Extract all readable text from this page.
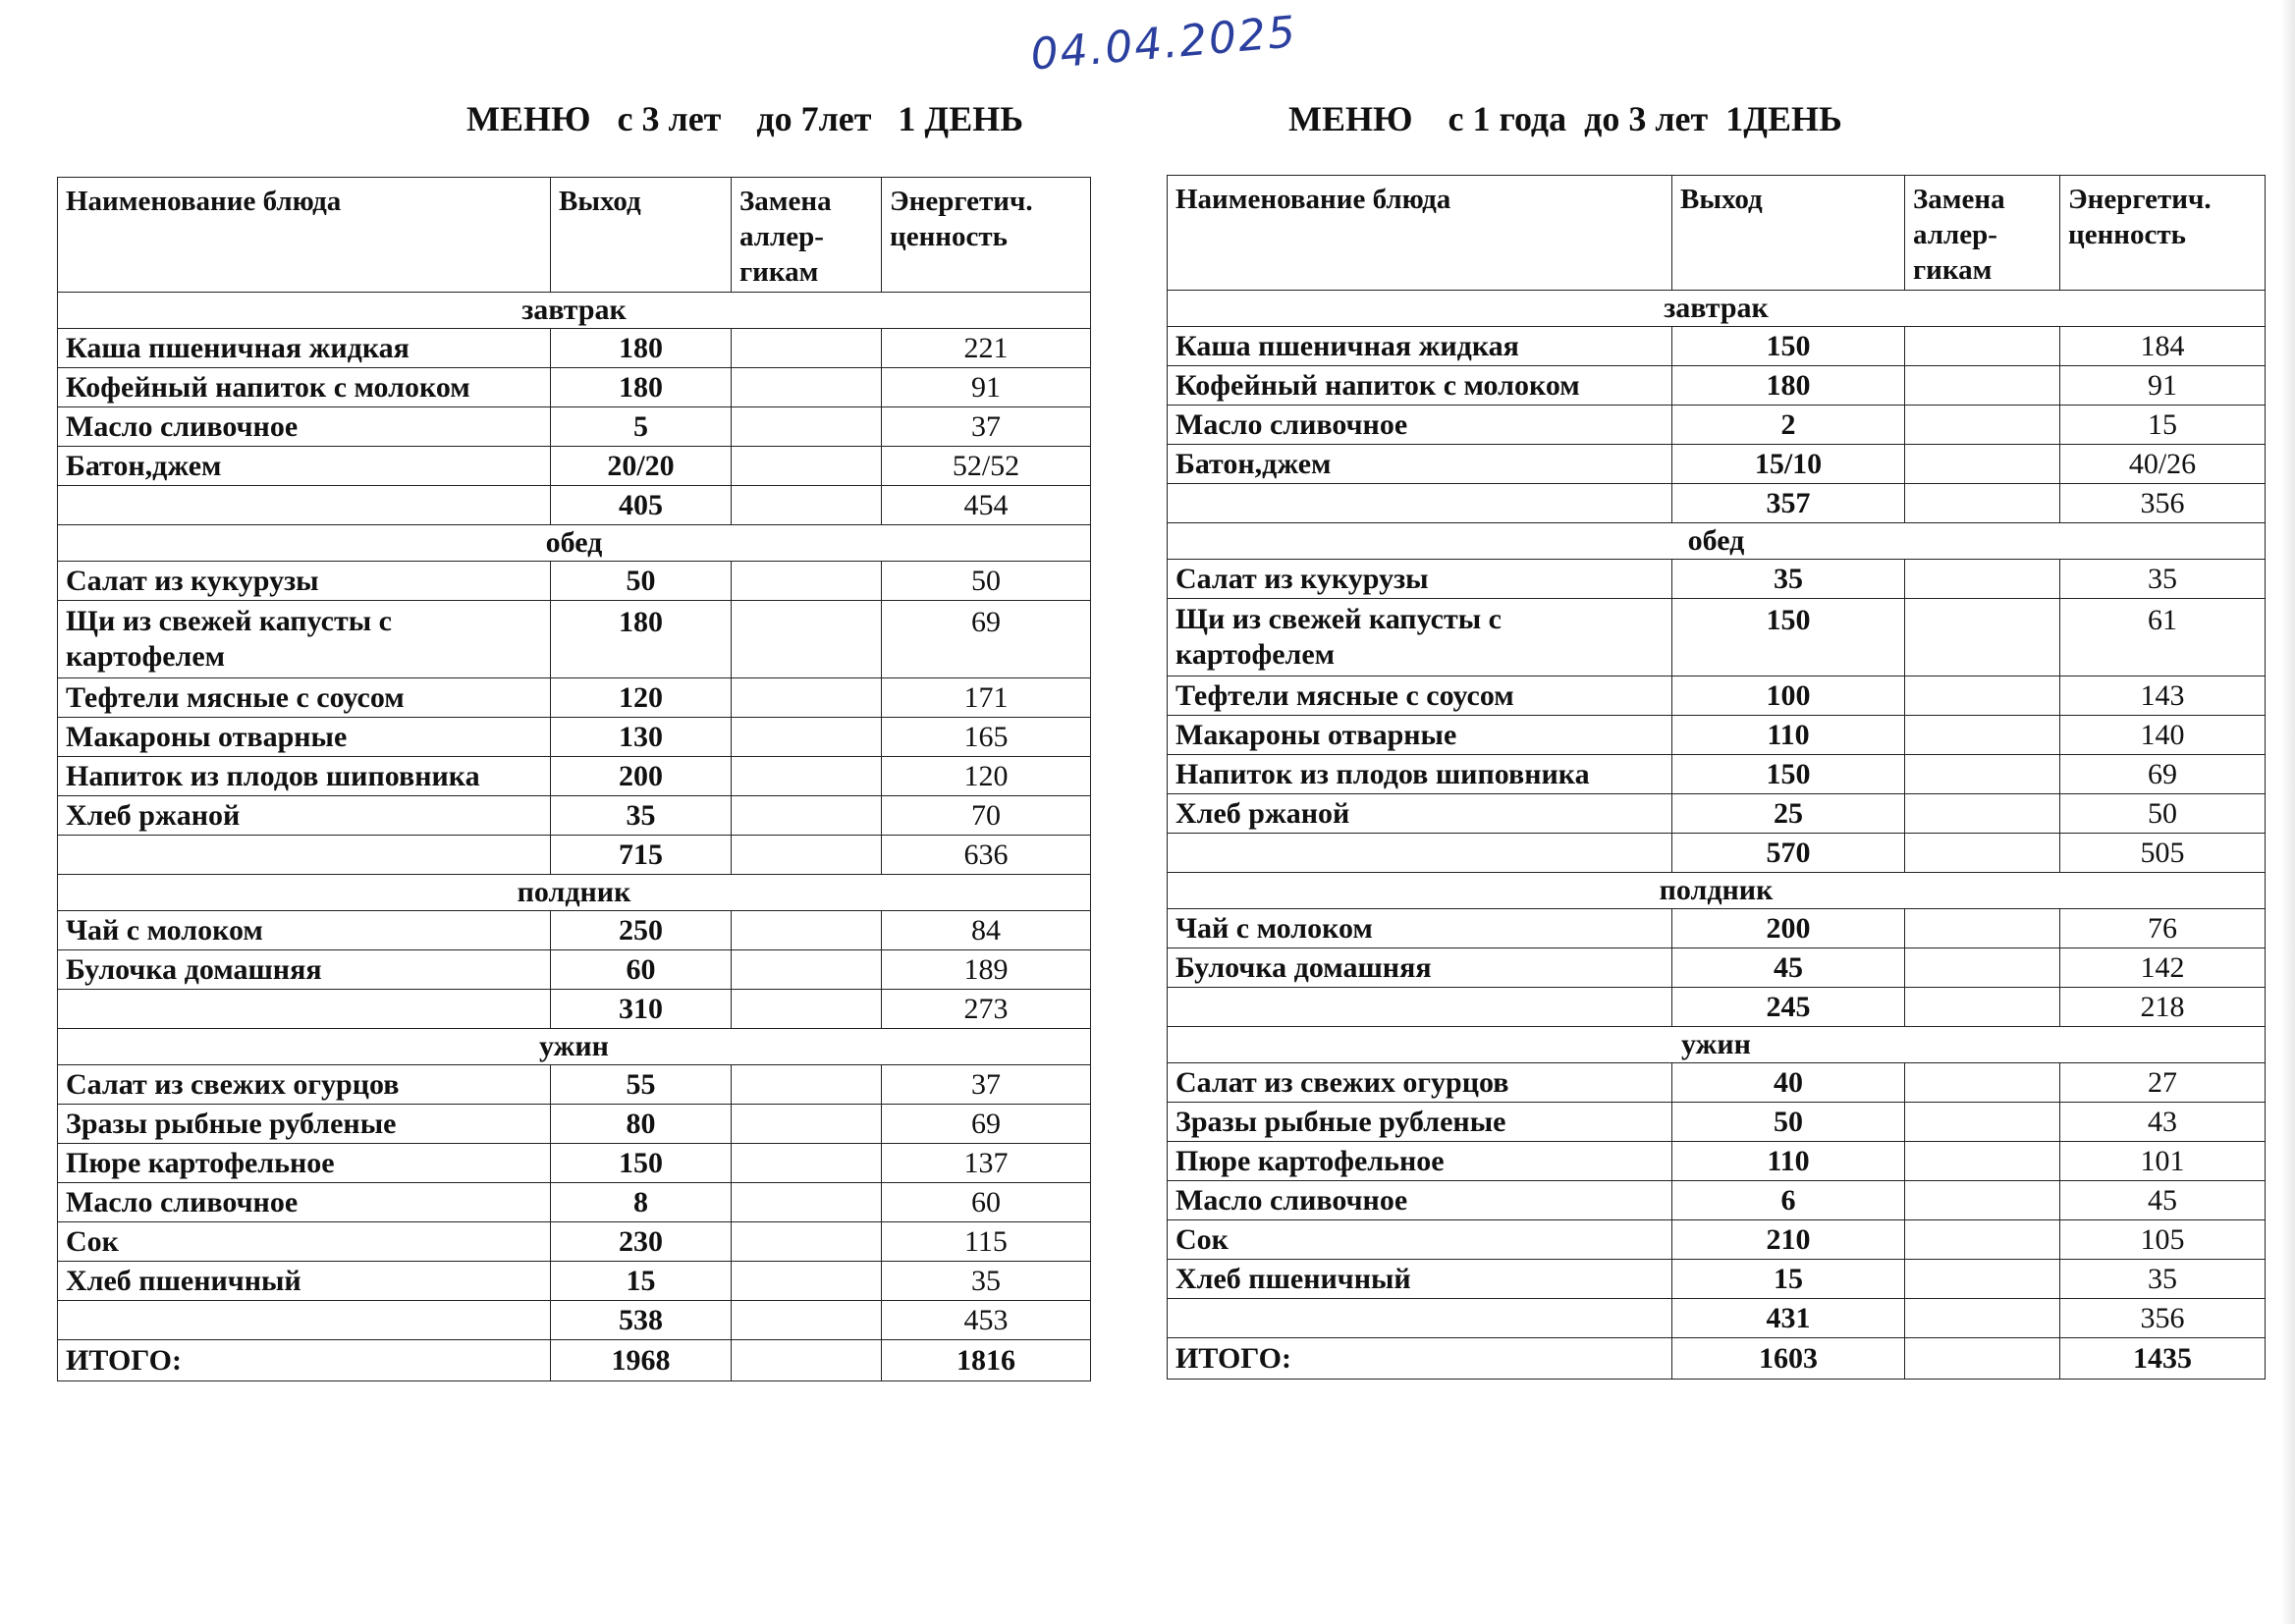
04.04.2025
МЕНЮ   с 3 лет    до 7лет   1 ДЕНЬ	МЕНЮ    с 1 года  до 3 лет  1ДЕНЬ
Наименование блюда	Выход	Замена аллер-гикам	Энергетич. ценность
завтрак			
Каша пшеничная жидкая	180		221
Кофейный напиток с молоком	180		91
Масло сливочное	5		37
Батон,джем	20/20		52/52
	405		454
обед			
Салат из кукурузы	50		50
Щи из свежей капусты с картофелем	180		69
Тефтели мясные с соусом	120		171
Макароны отварные	130		165
Напиток из плодов шиповника	200		120
Хлеб ржаной	35		70
	715		636
полдник			
Чай с молоком	250		84
Булочка домашняя	60		189
	310		273
ужин			
Салат из свежих огурцов	55		37
Зразы рыбные рубленые	80		69
Пюре картофельное	150		137
Масло сливочное	8		60
Сок	230		115
Хлеб пшеничный	15		35
	538		453
ИТОГО:	1968		1816
Наименование блюда	Выход	Замена аллер-гикам	Энергетич. ценность
завтрак			
Каша пшеничная жидкая	150		184
Кофейный напиток с молоком	180		91
Масло сливочное	2		15
Батон,джем	15/10		40/26
	357		356
обед			
Салат из кукурузы	35		35
Щи из свежей капусты с картофелем	150		61
Тефтели мясные с соусом	100		143
Макароны отварные	110		140
Напиток из плодов шиповника	150		69
Хлеб ржаной	25		50
	570		505
полдник			
Чай с молоком	200		76
Булочка домашняя	45		142
	245		218
ужин			
Салат из свежих огурцов	40		27
Зразы рыбные рубленые	50		43
Пюре картофельное	110		101
Масло сливочное	6		45
Сок	210		105
Хлеб пшеничный	15		35
	431		356
ИТОГО:	1603		1435
